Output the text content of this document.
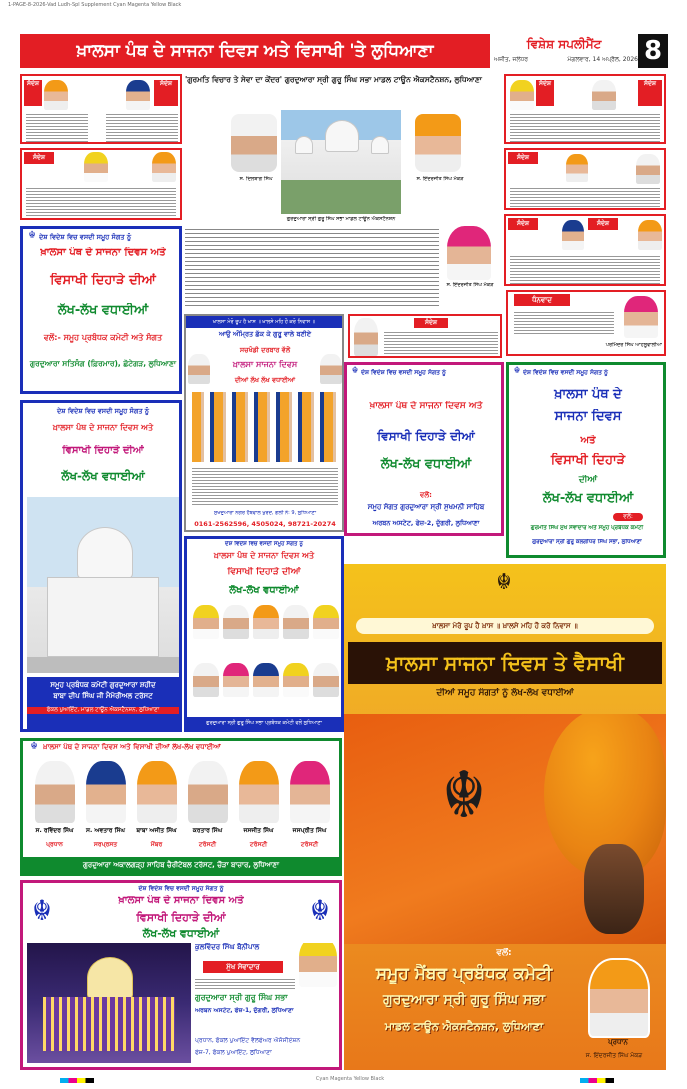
1-PAGE-8-2026-Vad Ludh-Spl Supplement Cyan Magenta Yellow Black
ਖ਼ਾਲਸਾ ਪੰਥ ਦੇ ਸਾਜਨਾ ਦਿਵਸ ਅਤੇ ਵਿਸਾਖੀ 'ਤੇ ਲੁਧਿਆਣਾ	ਵਿਸ਼ੇਸ਼ ਸਪਲੀਮੈਂਟ	8
ਅਜੀਤ, ਜਲੰਧਰ	ਮੰਗਲਵਾਰ, 14 ਅਪ੍ਰੈਲ, 2026
ਸੰਦੇਸ਼	ਸੰਦੇਸ਼
ਸੰਦੇਸ਼
'ਗੁਰਮਤਿ ਵਿਚਾਰ ਤੇ ਸੇਵਾ ਦਾ ਕੇਂਦਰ' ਗੁਰਦੁਆਰਾ ਸ੍ਰੀ ਗੁਰੂ ਸਿੰਘ ਸਭਾ ਮਾਡਲ ਟਾਊਨ ਐਕਸਟੈਨਸ਼ਨ, ਲੁਧਿਆਣਾ
ਸ. ਦਿਲਬਾਗ ਸਿੰਘ	ਸ. ਇੰਦਰਜੀਤ ਸਿੰਘ ਮੱਕੜ
ਗੁਰਦੁਆਰਾ ਸ੍ਰੀ ਗੁਰੂ ਸਿੰਘ ਸਭਾ ਮਾਡਲ ਟਾਊਨ ਐਕਸਟੈਨਸ਼ਨ
ਸ. ਇੰਦਰਜੀਤ ਸਿੰਘ ਮੱਕੜ
ਸੰਦੇਸ਼	ਸੰਦੇਸ਼
ਸੰਦੇਸ਼
ਸੰਦੇਸ਼	ਸੰਦੇਸ਼
ਧੰਨਵਾਦ
ਪਰਮਿੰਦਰ ਸਿੰਘ ਆਹਲੂਵਾਲੀਆ
☬ ਦੇਸ਼ ਵਿਦੇਸ਼ ਵਿਚ ਵਸਦੀ ਸਮੂਹ ਸੰਗਤ ਨੂੰ
ਖ਼ਾਲਸਾ ਪੰਥ ਦੇ ਸਾਜਨਾ ਦਿਵਸ ਅਤੇ
ਵਿਸਾਖੀ ਦਿਹਾੜੇ ਦੀਆਂ
ਲੱਖ-ਲੱਖ ਵਧਾਈਆਂ
ਵਲੋਂ:- ਸਮੂਹ ਪ੍ਰਬੰਧਕ ਕਮੇਟੀ ਅਤੇ ਸੰਗਤ
ਗੁਰਦੁਆਰਾ ਸਤਿਸੰਗ (ਫ਼ਿਰਮਾਰ), ਛੋਟੇਗੜ, ਲੁਧਿਆਣਾ
ਦੇਸ਼ ਵਿਦੇਸ਼ ਵਿਚ ਵਸਦੀ ਸਮੂਹ ਸੰਗਤ ਨੂੰ
ਖ਼ਾਲਸਾ ਪੰਥ ਦੇ ਸਾਜਨਾ ਦਿਵਸ ਅਤੇ
ਵਿਸਾਖੀ ਦਿਹਾੜੇ ਦੀਆਂ
ਲੱਖ-ਲੱਖ ਵਧਾਈਆਂ
ਸਮੂਹ ਪ੍ਰਬੰਧਕ ਕਮੇਟੀ ਗੁਰਦੁਆਰਾ ਸ਼ਹੀਦ
ਬਾਬਾ ਦੀਪ ਸਿੰਘ ਜੀ ਮੈਮੋਰੀਅਲ ਟਰੱਸਟ
ਫੋਕਲ ਪੁਆਇੰਟ, ਮਾਡਲ ਟਾਊਨ ਐਕਸਟੈਨਸ਼ਨ, ਲੁਧਿਆਣਾ
ਖ਼ਾਲਸਾ ਮੇਰੋ ਰੂਪ ਹੈ ਖ਼ਾਸ ॥ ਖ਼ਾਲਸੇ ਮਹਿ ਹੌ ਕਰੋ ਨਿਵਾਸ ॥
ਆਉ ਅੰਮ੍ਰਿਤ ਛੱਕ ਕੇ ਗੁਰੂ ਵਾਲੇ ਬਣੀਏ
ਸਚਖੰਡੀ ਦਰਬਾਰ ਵੱਲੋਂ
ਖ਼ਾਲਸਾ ਸਾਜਨਾ ਦਿਵਸ
ਦੀਆਂ ਲੱਖ ਲੱਖ ਵਧਾਈਆਂ
ਸੁਖਦੁਆਰਾ ਨਗਰ ਹੈਬੋਵਾਲ ਖੁਰਦ, ਗਲੀ ਨੰ: 9, ਲੁਧਿਆਣਾ
0161-2562596, 4505024, 98721-20274
ਸੰਦੇਸ਼
☬ ਦੇਸ਼ ਵਿਦੇਸ਼ ਵਿਚ ਵਸਦੀ ਸਮੂਹ ਸੰਗਤ ਨੂੰ
ਖ਼ਾਲਸਾ ਪੰਥ ਦੇ ਸਾਜਨਾ ਦਿਵਸ ਅਤੇ
ਵਿਸਾਖੀ ਦਿਹਾੜੇ ਦੀਆਂ
ਲੱਖ-ਲੱਖ ਵਧਾਈਆਂ
ਵਲੋਂ:
ਸਮੂਹ ਸੰਗਤ ਗੁਰਦੁਆਰਾ ਸ੍ਰੀ ਸੁਖਮਨੀ ਸਾਹਿਬ
ਅਰਬਨ ਅਸਟੇਟ, ਫੇਜ਼-2, ਦੁੱਗਰੀ, ਲੁਧਿਆਣਾ
☬ ਦੇਸ਼ ਵਿਦੇਸ਼ ਵਿਚ ਵਸਦੀ ਸਮੂਹ ਸੰਗਤ ਨੂੰ
ਖ਼ਾਲਸਾ ਪੰਥ ਦੇ
ਸਾਜਨਾ ਦਿਵਸ
ਅਤੇ
ਵਿਸਾਖੀ ਦਿਹਾੜੇ
ਦੀਆਂ
ਲੱਖ-ਲੱਖ ਵਧਾਈਆਂ
ਵਲੋਂ:
ਗੁਰਮੀਤ ਸਿੰਘ ਮੁੱਖ ਸੇਵਾਦਾਰ ਅਤੇ ਸਮੂਹ ਪ੍ਰਬੰਧਕ ਕਮੇਟੀ
ਗੁਰਦੁਆਰਾ ਸ੍ਰੀ ਗੁਰੂ ਕਲਗੀਧਰ ਸਿੰਘ ਸਭਾ, ਲੁਧਿਆਣਾ
ਦੇਸ਼ ਵਿਦੇਸ਼ ਵਿਚ ਵਸਦੀ ਸਮੂਹ ਸੰਗਤ ਨੂੰ
ਖ਼ਾਲਸਾ ਪੰਥ ਦੇ ਸਾਜਨਾ ਦਿਵਸ ਅਤੇ
ਵਿਸਾਖੀ ਦਿਹਾੜੇ ਦੀਆਂ
ਲੱਖ-ਲੱਖ ਵਧਾਈਆਂ
ਗੁਰਦੁਆਰਾ ਸ੍ਰੀ ਗੁਰੂ ਸਿੰਘ ਸਭਾ ਪ੍ਰਬੰਧਕ ਕਮੇਟੀ ਵਲੋਂ ਲੁਧਿਆਣਾ
☬ ਖ਼ਾਲਸਾ ਪੰਥ ਦੇ ਸਾਜਨਾ ਦਿਵਸ ਅਤੇ ਵਿਸਾਖੀ ਦੀਆਂ ਲੱਖ-ਲੱਖ ਵਧਾਈਆਂ
ਸ. ਰਵਿੰਦਰ ਸਿੰਘ
ਪ੍ਰਧਾਨ
ਸ. ਅਵਤਾਰ ਸਿੰਘ
ਸਰਪ੍ਰਸਤ
ਬਾਬਾ ਅਜੀਤ ਸਿੰਘ
ਮੈਂਬਰ
ਕਰਤਾਰ ਸਿੰਘ
ਟਰੱਸਟੀ
ਜਸਜੀਤ ਸਿੰਘ
ਟਰੱਸਟੀ
ਜਸਪ੍ਰੀਤ ਸਿੰਘ
ਟਰੱਸਟੀ
ਗੁਰਦੁਆਰਾ ਅਕਾਲਗੜ੍ਹ ਸਾਹਿਬ ਚੈਰੀਟੇਬਲ ਟਰੱਸਟ, ਚੌੜਾ ਬਾਜ਼ਾਰ, ਲੁਧਿਆਣਾ
☬	☬
ਦੇਸ਼ ਵਿਦੇਸ਼ ਵਿਚ ਵਸਦੀ ਸਮੂਹ ਸੰਗਤ ਨੂੰ
ਖ਼ਾਲਸਾ ਪੰਥ ਦੇ ਸਾਜਨਾ ਦਿਵਸ ਅਤੇ
ਵਿਸਾਖੀ ਦਿਹਾੜੇ ਦੀਆਂ
ਲੱਖ-ਲੱਖ ਵਧਾਈਆਂ
ਕੁਲਵਿੰਦਰ ਸਿੰਘ ਬੈਨੀਪਾਲ
ਮੁੱਖ ਸੇਵਾਦਾਰ
ਗੁਰਦੁਆਰਾ ਸ੍ਰੀ ਗੁਰੂ ਸਿੰਘ ਸਭਾ
ਅਰਬਨ ਅਸਟੇਟ, ਫੇਜ਼-1, ਦੁੱਗਰੀ, ਲੁਧਿਆਣਾ
ਪ੍ਰਧਾਨ, ਫੋਕਲ ਪੁਆਇੰਟ ਵੈਲਫੇਅਰ ਐਸੋਸੀਏਸ਼ਨ
ਫੇਜ਼-7, ਫੋਕਲ ਪੁਆਇੰਟ, ਲੁਧਿਆਣਾ
☬
ਖ਼ਾਲਸਾ ਮੇਰੋ ਰੂਪ ਹੈ ਖ਼ਾਸ ॥ ਖ਼ਾਲਸੇ ਮਹਿ ਹੌ ਕਰੋ ਨਿਵਾਸ ॥
ਖ਼ਾਲਸਾ ਸਾਜਨਾ ਦਿਵਸ ਤੇ ਵੈਸਾਖੀ
ਦੀਆਂ ਸਮੂਹ ਸੰਗਤਾਂ ਨੂੰ ਲੱਖ-ਲੱਖ ਵਧਾਈਆਂ
☬
ਵਲੋਂ:
ਸਮੂਹ ਮੈਂਬਰ ਪ੍ਰਬੰਧਕ ਕਮੇਟੀ
ਗੁਰਦੁਆਰਾ ਸ੍ਰੀ ਗੁਰੂ ਸਿੰਘ ਸਭਾ
ਮਾਡਲ ਟਾਊਨ ਐਕਸਟੈਨਸ਼ਨ, ਲੁਧਿਆਣਾ
ਪ੍ਰਧਾਨ
ਸ. ਇੰਦਰਜੀਤ ਸਿੰਘ ਮੱਕੜ
Cyan Magenta Yellow Black
